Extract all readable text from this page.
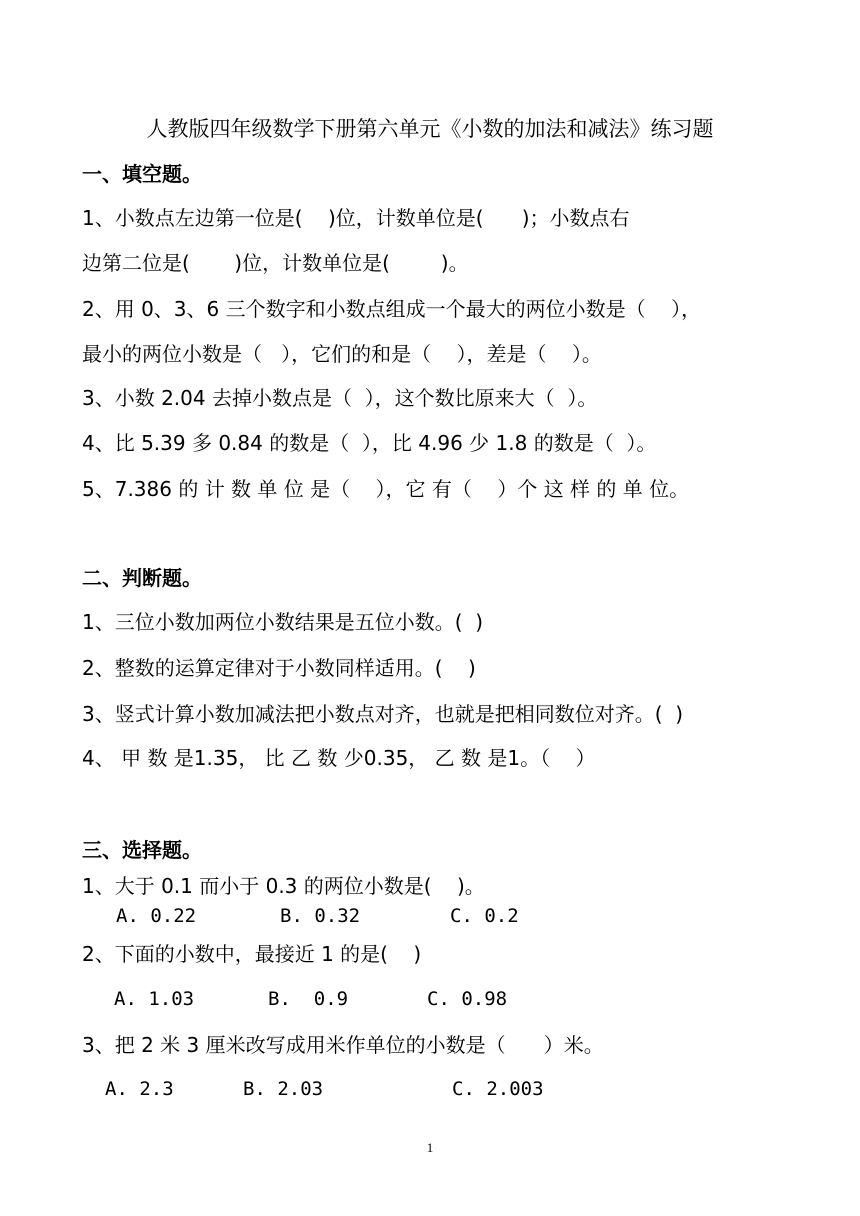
人教版四年级数学下册第六单元《小数的加法和减法》练习题
一、填空题。
1、小数点左边第一位是(    )位，计数单位是(      )；小数点右
边第二位是(       )位，计数单位是(        )。
2、用 0、3、6 三个数字和小数点组成一个最大的两位小数是（    ），
最小的两位小数是（   ），它们的和是（    ），差是（    ）。
3、小数 2.04 去掉小数点是（  ），这个数比原来大（  ）。
4、比 5.39 多 0.84 的数是（  ），比 4.96 少 1.8 的数是（  ）。
5、7.386 的 计 数 单 位 是（    ），它 有（    ）个 这 样 的 单 位。
二、判断题。
1、三位小数加两位小数结果是五位小数。(  )
2、整数的运算定律对于小数同样适用。(    )
3、竖式计算小数加减法把小数点对齐，也就是把相同数位对齐。(  )
4、 甲 数 是1.35， 比 乙 数 少0.35， 乙 数 是1。（    ）
三、选择题。
1、大于 0.1 而小于 0.3 的两位小数是(    )。
A. 0.22	B. 0.32	C. 0.2
2、下面的小数中，最接近 1 的是(    )
A. 1.03	B.  0.9	C. 0.98
3、把 2 米 3 厘米改写成用米作单位的小数是（      ）米。
A. 2.3	B. 2.03	C. 2.003
1
